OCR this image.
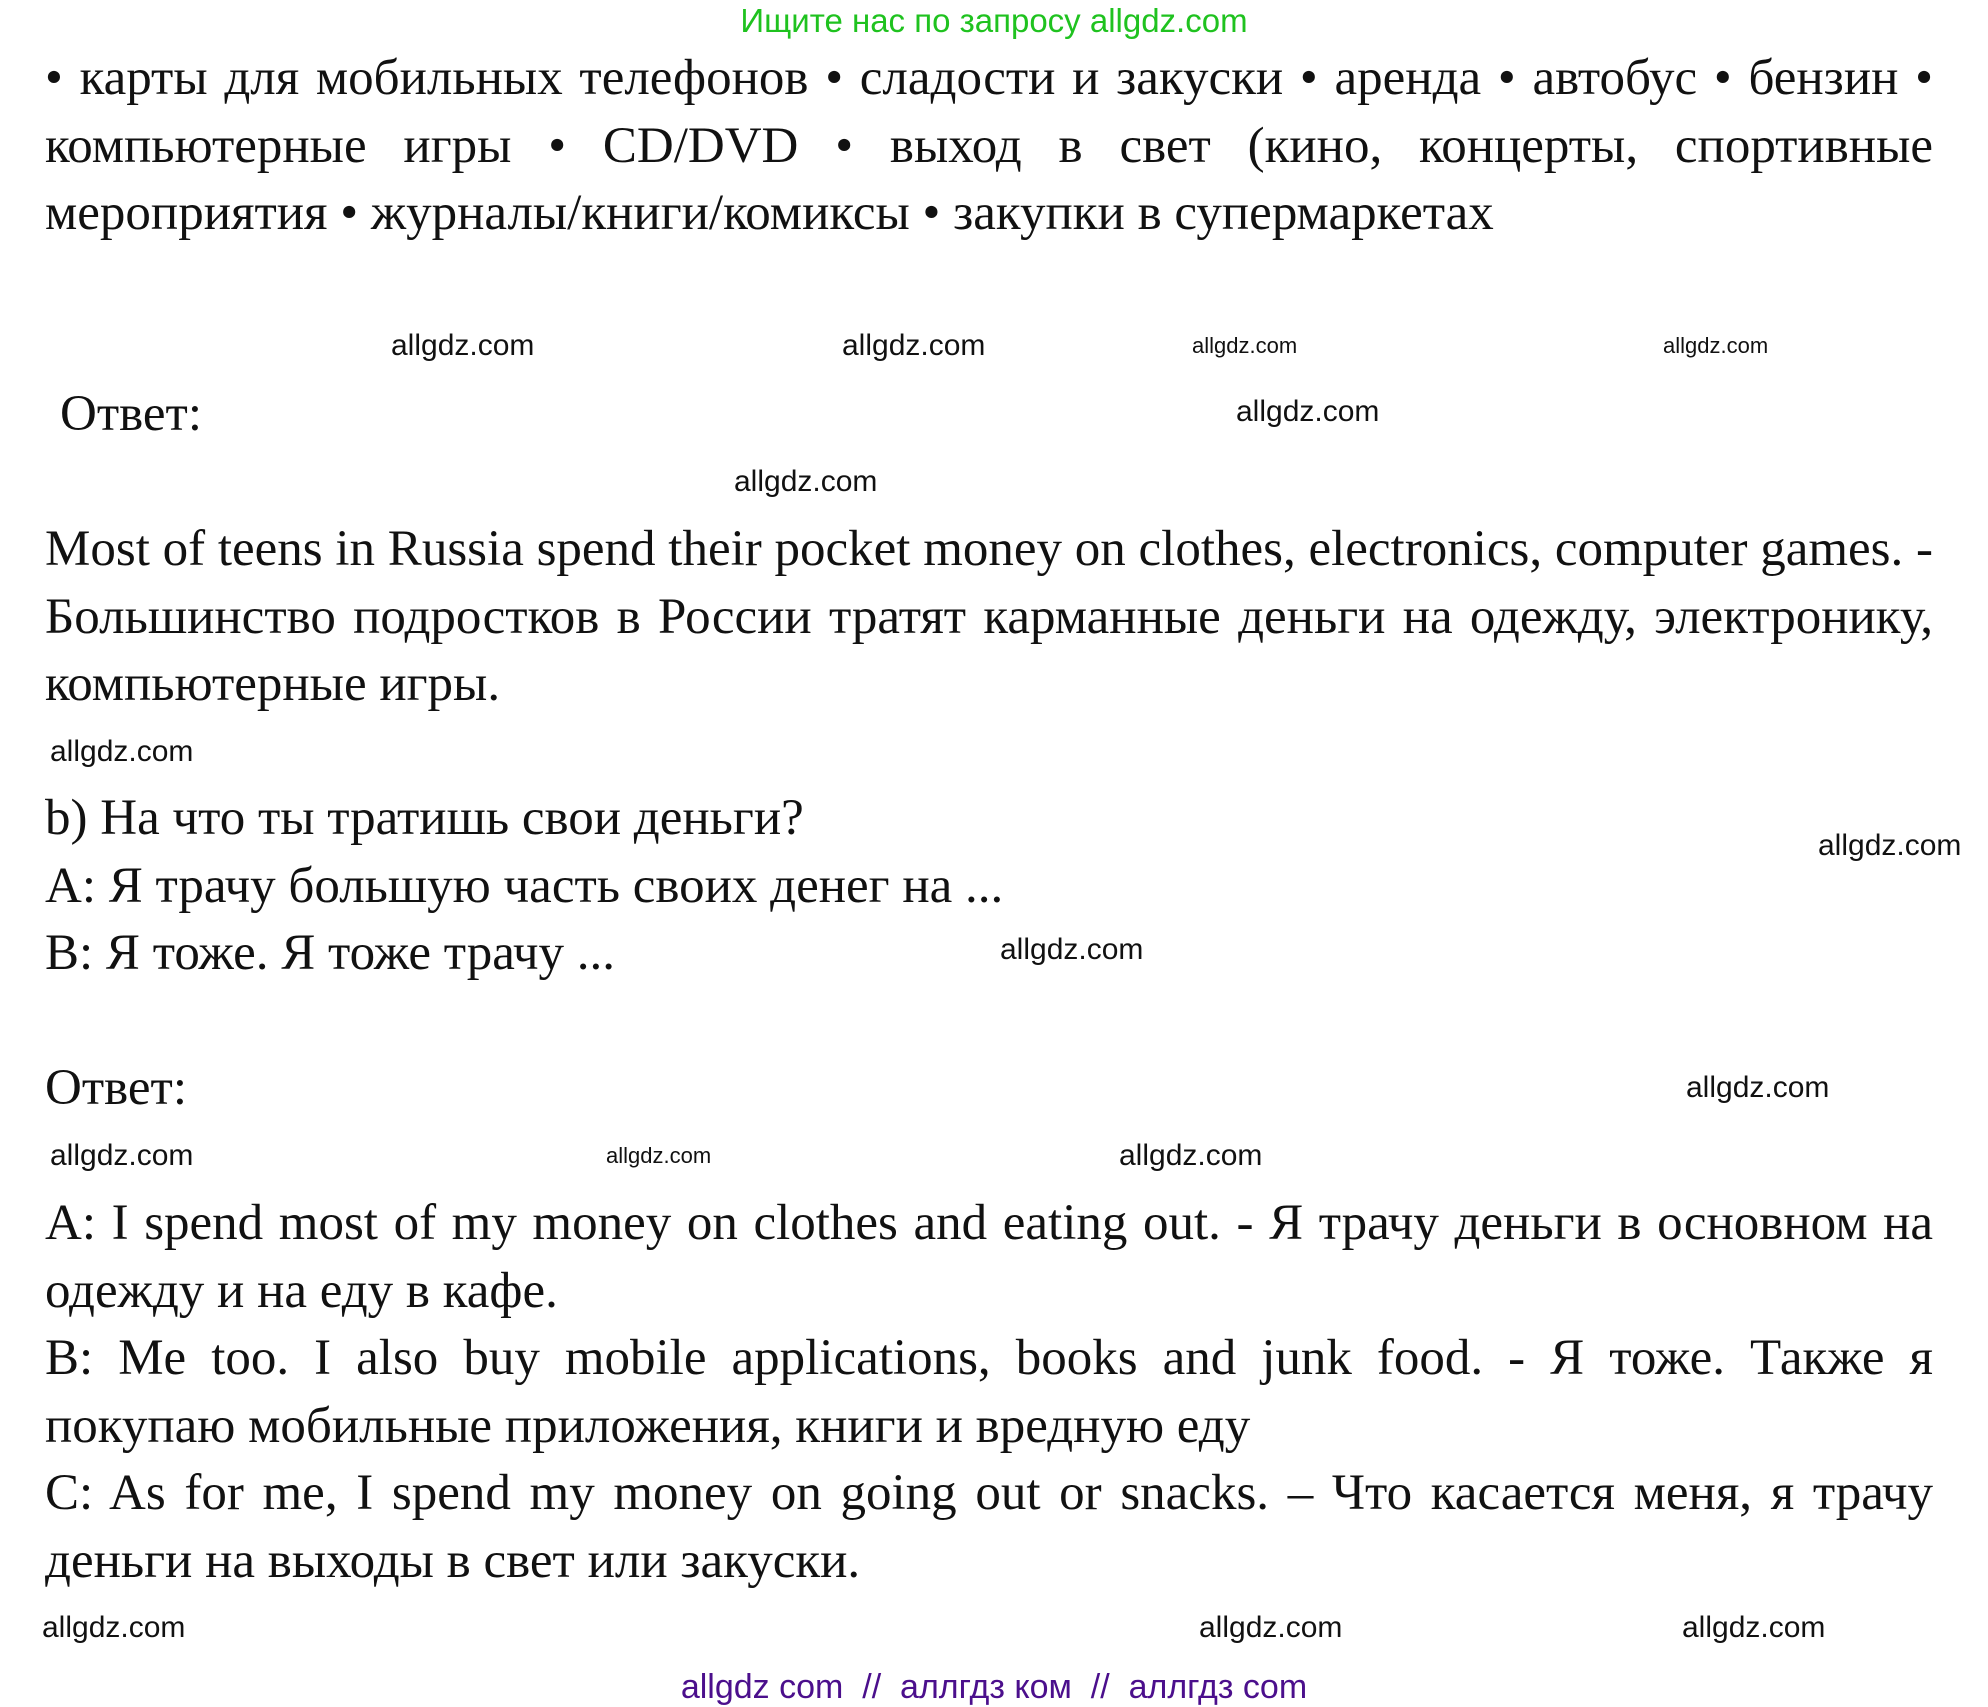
Ищите нас по запросу allgdz.com

• карты для мобильных телефонов • сладости и закуски • аренда • автобус • бензин • компьютерные игры • CD/DVD • выход в свет (кино, концерты, спортивные мероприятия • журналы/книги/комиксы • закупки в супермаркетах

Ответ:

Most of teens in Russia spend their pocket money on clothes, electronics, computer games. - Большинство подростков в России тратят карманные деньги на одежду, электронику, компьютерные игры.

b) На что ты тратишь свои деньги?
A: Я трачу большую часть своих денег на ...
B: Я тоже. Я тоже трачу ...

Ответ:

A: I spend most of my money on clothes and eating out. - Я трачу деньги в основном на одежду и на еду в кафе.
B: Me too. I also buy mobile applications, books and junk food. - Я тоже. Также я покупаю мобильные приложения, книги и вредную еду
C: As for me, I spend my money on going out or snacks. – Что касается меня, я трачу деньги на выходы в свет или закуски.
allgdz.com	allgdz.com
allgdz.com
allgdz.com
allgdz.com
allgdz.com
allgdz.com
allgdz.com
allgdz.com
allgdz.com
allgdz.com	allgdz.com
allgdz.com
allgdz.com
allgdz.com
allgdz.com
allgdz com  //  аллгдз ком  //  аллгдз com
